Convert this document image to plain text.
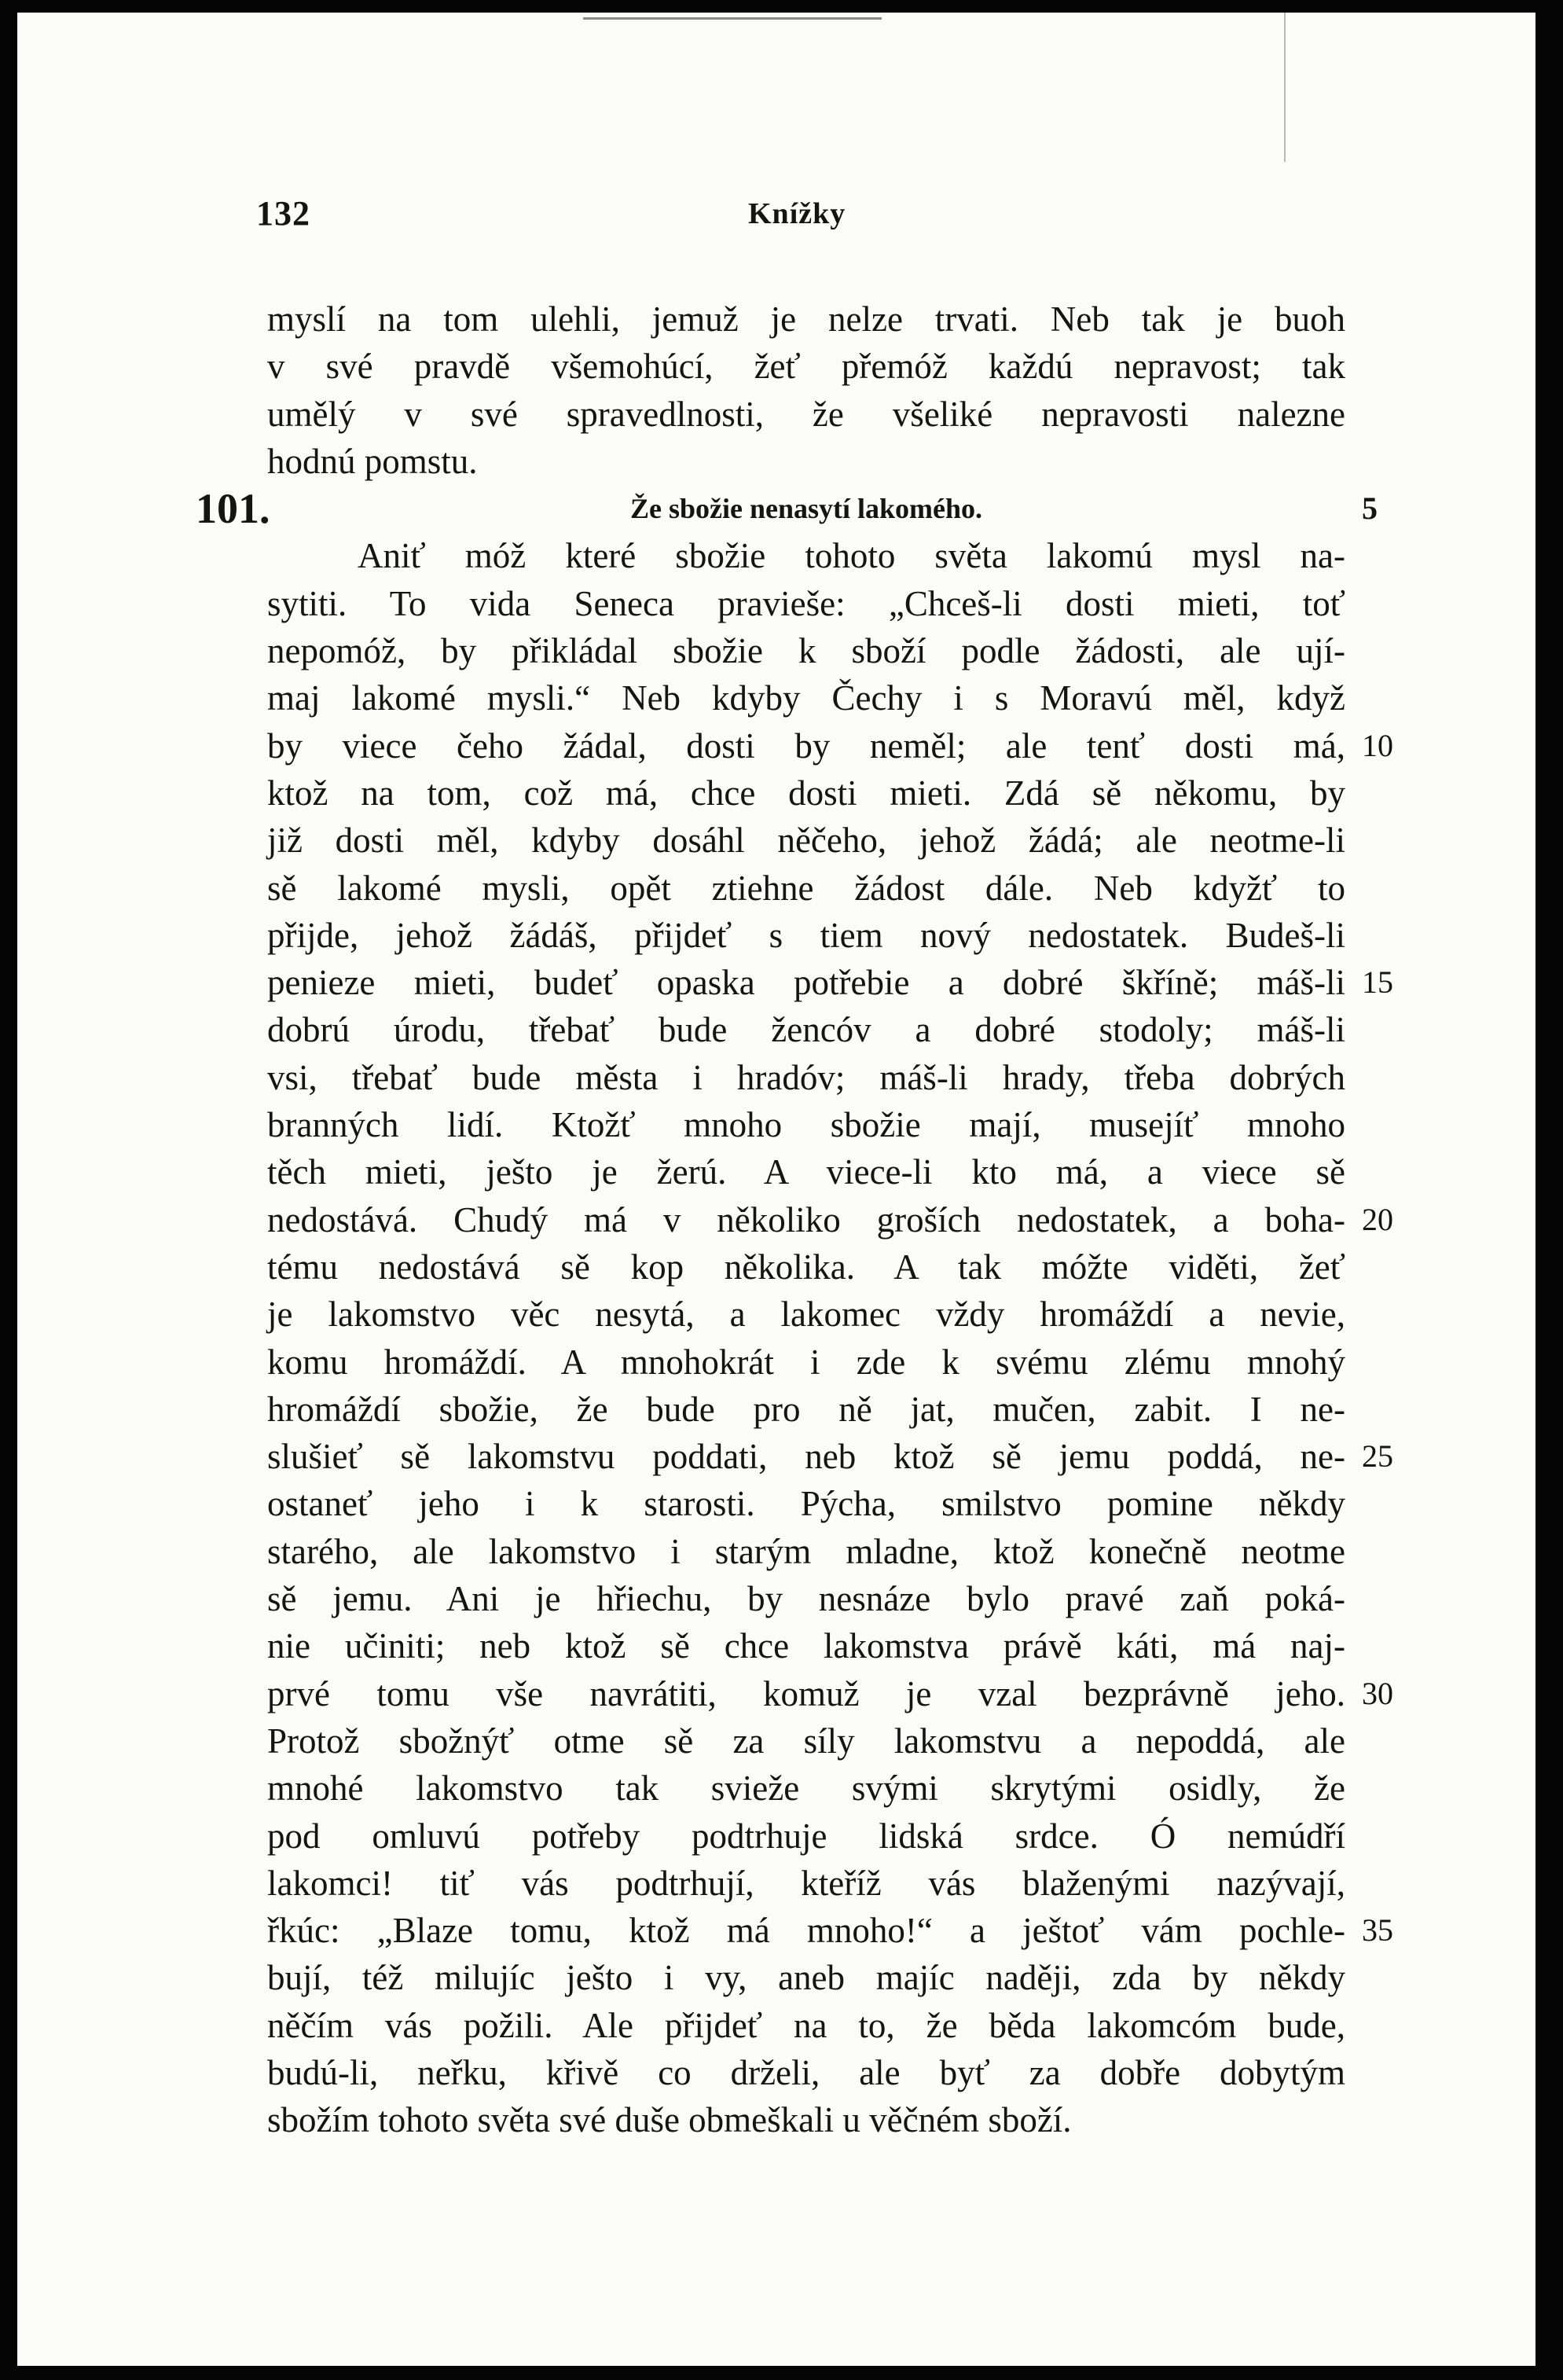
132	Knížky
myslí na tom ulehli, jemuž je nelze trvati. Neb tak je buoh
v své pravdě všemohúcí, žeť přemóž každú nepravost; tak
umělý v své spravedlnosti, že všeliké nepravosti nalezne
hodnú pomstu.
Že sbožie nenasytí lakomého.
101.	5
Aniť móž které sbožie tohoto světa lakomú mysl na-
sytiti. To vida Seneca pravieše: „Chceš-li dosti mieti, toť
nepomóž, by přikládal sbožie k sboží podle žádosti, ale ují-
maj lakomé mysli.“ Neb kdyby Čechy i s Moravú měl, když
by viece čeho žádal, dosti by neměl; ale tenť dosti má, 10
ktož na tom, což má, chce dosti mieti. Zdá sě někomu, by
již dosti měl, kdyby dosáhl něčeho, jehož žádá; ale neotme-li
sě lakomé mysli, opět ztiehne žádost dále. Neb kdyžť to
přijde, jehož žádáš, přijdeť s tiem nový nedostatek. Budeš-li
penieze mieti, budeť opaska potřebie a dobré škříně; máš-li 15
dobrú úrodu, třebať bude žencóv a dobré stodoly; máš-li
vsi, třebať bude města i hradóv; máš-li hrady, třeba dobrých
branných lidí. Ktožť mnoho sbožie mají, musejíť mnoho
těch mieti, ješto je žerú. A viece-li kto má, a viece sě
nedostává. Chudý má v několiko groších nedostatek, a boha- 20
tému nedostává sě kop několika. A tak móžte viděti, žeť
je lakomstvo věc nesytá, a lakomec vždy hromáždí a nevie,
komu hromáždí. A mnohokrát i zde k svému zlému mnohý
hromáždí sbožie, že bude pro ně jat, mučen, zabit. I ne-
slušieť sě lakomstvu poddati, neb ktož sě jemu poddá, ne- 25
ostaneť jeho i k starosti. Pýcha, smilstvo pomine někdy
starého, ale lakomstvo i starým mladne, ktož konečně neotme
sě jemu. Ani je hřiechu, by nesnáze bylo pravé zaň poká-
nie učiniti; neb ktož sě chce lakomstva právě káti, má naj-
prvé tomu vše navrátiti, komuž je vzal bezprávně jeho. 30
Protož sbožnýť otme sě za síly lakomstvu a nepoddá, ale
mnohé lakomstvo tak svieže svými skrytými osidly, že
pod omluvú potřeby podtrhuje lidská srdce. Ó nemúdří
lakomci! tiť vás podtrhují, kteříž vás blaženými nazývají,
řkúc: „Blaze tomu, ktož má mnoho!“ a ještoť vám pochle- 35
bují, též milujíc ješto i vy, aneb majíc naději, zda by někdy
něčím vás požili. Ale přijdeť na to, že běda lakomcóm bude,
budú-li, neřku, křivě co drželi, ale byť za dobře dobytým
sbožím tohoto světa své duše obmeškali u věčném sboží.
